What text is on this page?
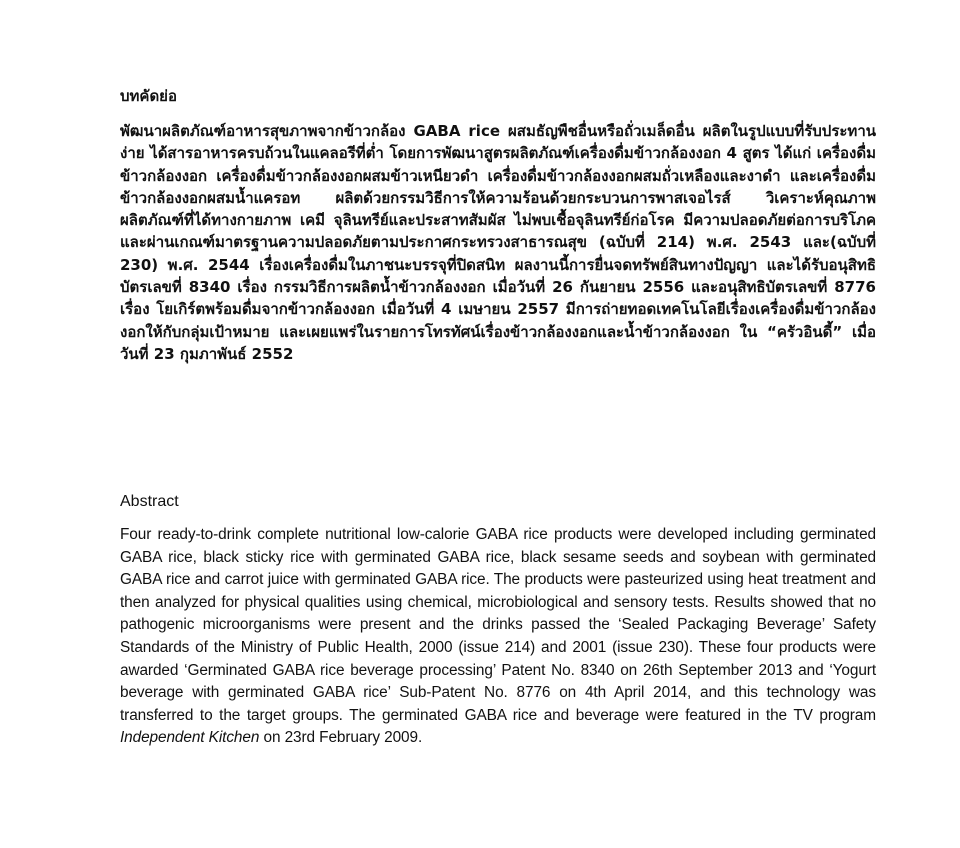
บทคัดย่อ

พัฒนาผลิตภัณฑ์อาหารสุขภาพจากข้าวกล้อง GABA rice ผสมธัญพืชอื่นหรือถั่วเมล็ดอื่น ผลิตในรูปแบบที่รับประทานง่าย ได้สารอาหารครบถ้วนในแคลอรีที่ต่ำ โดยการพัฒนาสูตรผลิตภัณฑ์เครื่องดื่มข้าวกล้องงอก 4 สูตร ได้แก่ เครื่องดื่มข้าวกล้องงอก เครื่องดื่มข้าวกล้องงอกผสมข้าวเหนียวดำ เครื่องดื่มข้าวกล้องงอกผสมถั่วเหลืองและงาดำ และเครื่องดื่มข้าวกล้องงอกผสมน้ำแครอท ผลิตด้วยกรรมวิธีการให้ความร้อนด้วยกระบวนการพาสเจอไรส์ วิเคราะห์คุณภาพผลิตภัณฑ์ที่ได้ทางกายภาพ เคมี จุลินทรีย์และประสาทสัมผัส ไม่พบเชื้อจุลินทรีย์ก่อโรค มีความปลอดภัยต่อการบริโภคและผ่านเกณฑ์มาตรฐานความปลอดภัยตามประกาศกระทรวงสาธารณสุข (ฉบับที่ 214) พ.ศ. 2543 และ(ฉบับที่ 230) พ.ศ. 2544 เรื่องเครื่องดื่มในภาชนะบรรจุที่ปิดสนิท ผลงานนี้การยื่นจดทรัพย์สินทางปัญญา และได้รับอนุสิทธิบัตรเลขที่ 8340 เรื่อง กรรมวิธีการผลิตน้ำข้าวกล้องงอก เมื่อวันที่ 26 กันยายน 2556 และอนุสิทธิบัตรเลขที่ 8776 เรื่อง โยเกิร์ตพร้อมดื่มจากข้าวกล้องงอก เมื่อวันที่ 4 เมษายน 2557 มีการถ่ายทอดเทคโนโลยีเรื่องเครื่องดื่มข้าวกล้องงอกให้กับกลุ่มเป้าหมาย และเผยแพร่ในรายการโทรทัศน์เรื่องข้าวกล้องงอกและน้ำข้าวกล้องงอก ใน “ครัวอินดี้” เมื่อวันที่ 23 กุมภาพันธ์ 2552

Abstract

Four ready-to-drink complete nutritional low-calorie GABA rice products were developed including germinated GABA rice, black sticky rice with germinated GABA rice, black sesame seeds and soybean with germinated GABA rice and carrot juice with germinated GABA rice. The products were pasteurized using heat treatment and then analyzed for physical qualities using chemical, microbiological and sensory tests. Results showed that no pathogenic microorganisms were present and the drinks passed the ‘Sealed Packaging Beverage’ Safety Standards of the Ministry of Public Health, 2000 (issue 214) and 2001 (issue 230). These four products were awarded ‘Germinated GABA rice beverage processing’ Patent No. 8340 on 26th September 2013 and ‘Yogurt beverage with germinated GABA rice’ Sub-Patent No. 8776 on 4th April 2014, and this technology was transferred to the target groups. The germinated GABA rice and beverage were featured in the TV program Independent Kitchen on 23rd February 2009.
